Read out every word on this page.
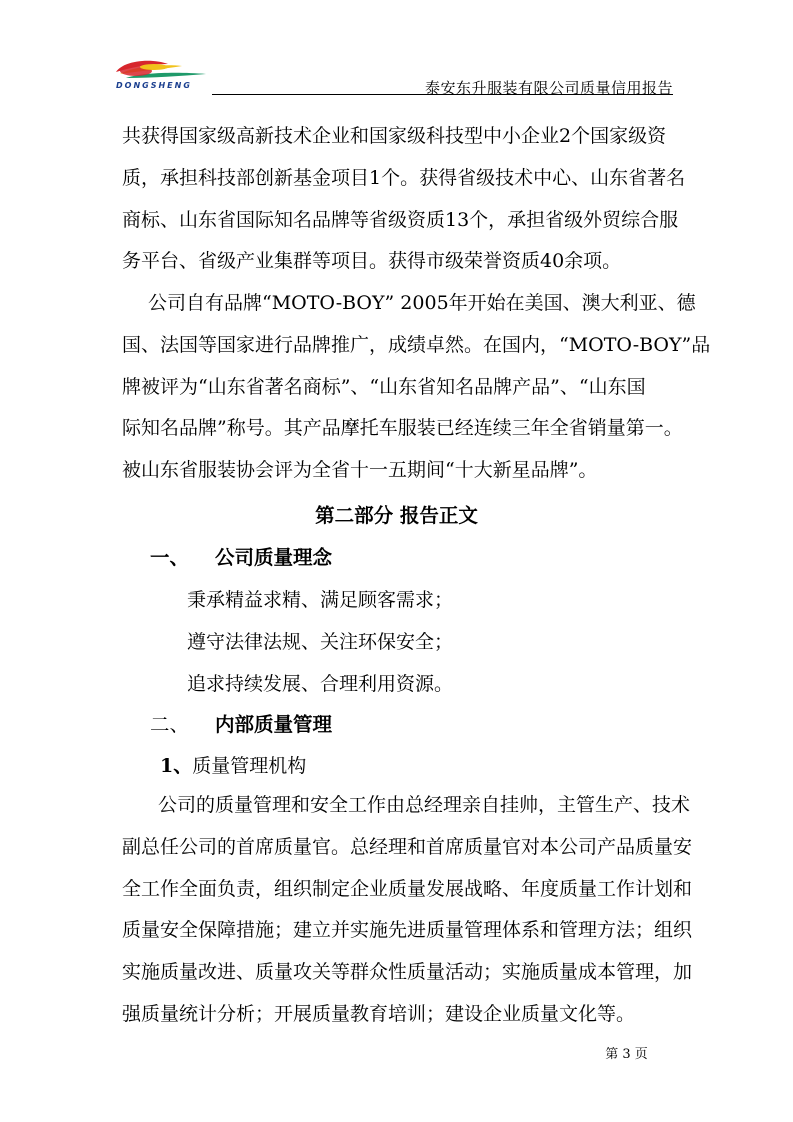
DONGSHENG	泰安东升服装有限公司质量信用报告
共获得国家级高新技术企业和国家级科技型中小企业2个国家级资
质，承担科技部创新基金项目1个。获得省级技术中心、山东省著名
商标、山东省国际知名品牌等省级资质13个，承担省级外贸综合服
务平台、省级产业集群等项目。获得市级荣誉资质40余项。
公司自有品牌“MOTO-BOY” 2005年开始在美国、澳大利亚、德
国、法国等国家进行品牌推广，成绩卓然。在国内，“MOTO-BOY”品
牌被评为“山东省著名商标”、“山东省知名品牌产品”、“山东国
际知名品牌”称号。其产品摩托车服装已经连续三年全省销量第一。
被山东省服装协会评为全省十一五期间“十大新星品牌”。
第二部分 报告正文
一、 公司质量理念
秉承精益求精、满足顾客需求；
遵守法律法规、关注环保安全；
追求持续发展、合理利用资源。
二、 内部质量管理
1、质量管理机构
公司的质量管理和安全工作由总经理亲自挂帅，主管生产、技术
副总任公司的首席质量官。总经理和首席质量官对本公司产品质量安
全工作全面负责，组织制定企业质量发展战略、年度质量工作计划和
质量安全保障措施；建立并实施先进质量管理体系和管理方法；组织
实施质量改进、质量攻关等群众性质量活动；实施质量成本管理，加
强质量统计分析；开展质量教育培训；建设企业质量文化等。
第 3 页
